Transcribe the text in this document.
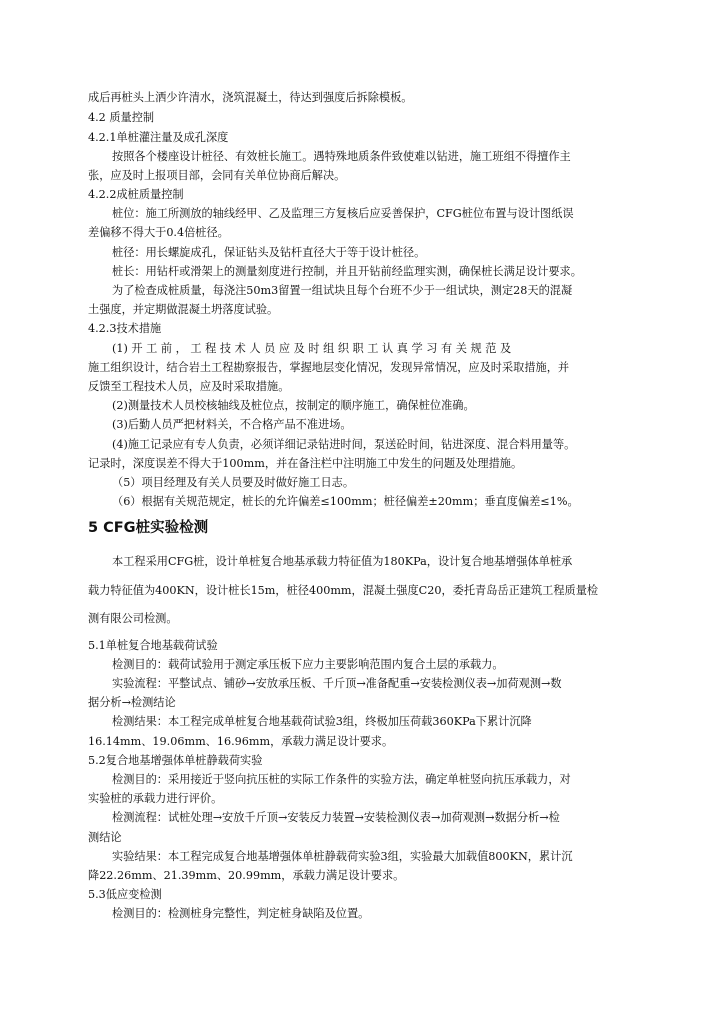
成后再桩头上洒少许清水，浇筑混凝土，待达到强度后拆除模板。
4.2 质量控制
4.2.1单桩灌注量及成孔深度
按照各个楼座设计桩径、有效桩长施工。遇特殊地质条件致使难以钻进，施工班组不得擅作主
张，应及时上报项目部，会同有关单位协商后解决。
4.2.2成桩质量控制
桩位：施工所测放的轴线经甲、乙及监理三方复核后应妥善保护，CFG桩位布置与设计图纸误
差偏移不得大于0.4倍桩径。
桩径：用长螺旋成孔，保证钻头及钻杆直径大于等于设计桩径。
桩长：用钻杆或滑架上的测量刻度进行控制，并且开钻前经监理实测，确保桩长满足设计要求。
为了检查成桩质量，每浇注50m3留置一组试块且每个台班不少于一组试块，测定28天的混凝
土强度，并定期做混凝土坍落度试验。
4.2.3技术措施
(1) 开 工 前 ， 工 程 技 术 人 员 应 及 时 组 织 职 工 认 真 学 习 有 关 规 范 及
施工组织设计，结合岩土工程勘察报告，掌握地层变化情况，发现异常情况，应及时采取措施，并
反馈至工程技术人员，应及时采取措施。
(2)测量技术人员校核轴线及桩位点，按制定的顺序施工，确保桩位准确。
(3)后勤人员严把材料关，不合格产品不准进场。
(4)施工记录应有专人负责，必须详细记录钻进时间，泵送砼时间，钻进深度、混合料用量等。
记录时，深度误差不得大于100mm，并在备注栏中注明施工中发生的问题及处理措施。
（5）项目经理及有关人员要及时做好施工日志。
（6）根据有关规范规定，桩长的允许偏差≤100mm；桩径偏差±20mm；垂直度偏差≤1%。
5 CFG桩实验检测
本工程采用CFG桩，设计单桩复合地基承载力特征值为180KPa，设计复合地基增强体单桩承
载力特征值为400KN，设计桩长15m，桩径400mm，混凝土强度C20，委托青岛岳正建筑工程质量检
测有限公司检测。
5.1单桩复合地基载荷试验
检测目的：载荷试验用于测定承压板下应力主要影响范围内复合土层的承载力。
实验流程：平整试点、铺砂→安放承压板、千斤顶→准备配重→安装检测仪表→加荷观测→数
据分析→检测结论
检测结果：本工程完成单桩复合地基载荷试验3组，终极加压荷载360KPa下累计沉降
16.14mm、19.06mm、16.96mm，承载力满足设计要求。
5.2复合地基增强体单桩静载荷实验
检测目的：采用接近于竖向抗压桩的实际工作条件的实验方法，确定单桩竖向抗压承载力，对
实验桩的承载力进行评价。
检测流程：试桩处理→安放千斤顶→安装反力装置→安装检测仪表→加荷观测→数据分析→检
测结论
实验结果：本工程完成复合地基增强体单桩静载荷实验3组，实验最大加载值800KN，累计沉
降22.26mm、21.39mm、20.99mm，承载力满足设计要求。
5.3低应变检测
检测目的：检测桩身完整性，判定桩身缺陷及位置。
